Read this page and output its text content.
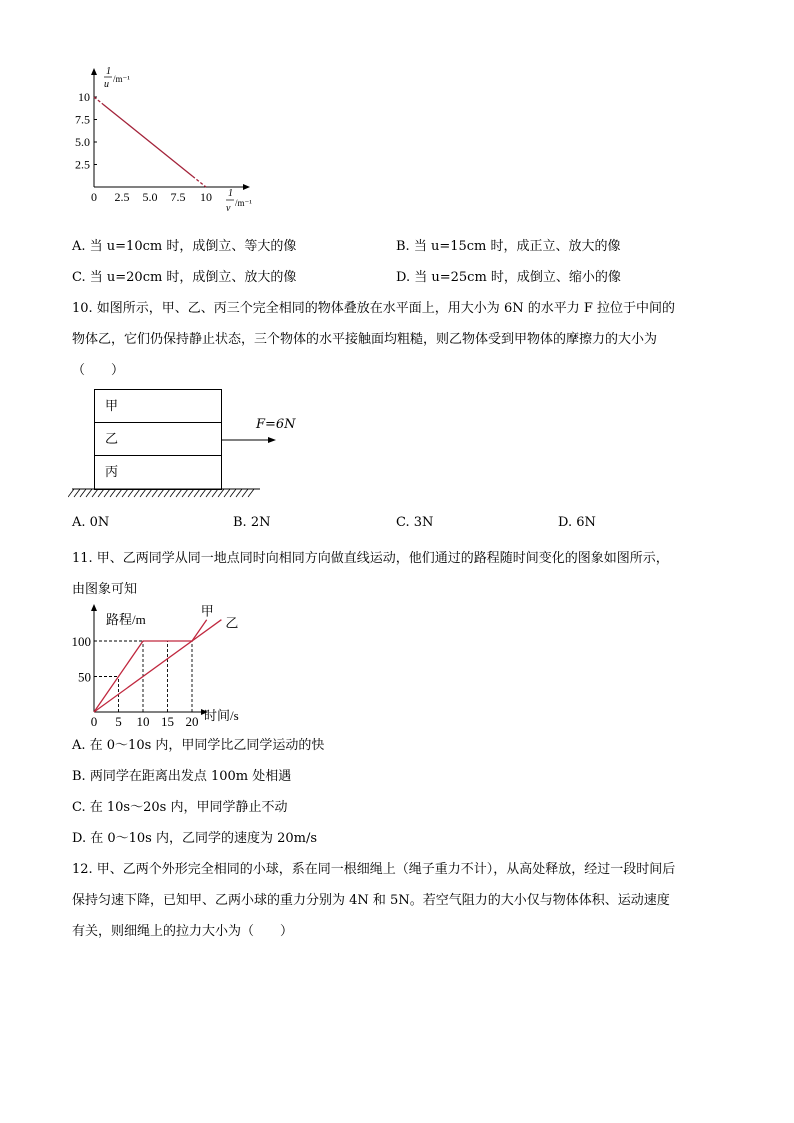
1
u /m⁻¹
1
v /m⁻¹
0 2.5 5.0 7.5 10
2.5
5.0
7.5
10
A. 当 u=10cm 时，成倒立、等大的像	B. 当 u=15cm 时，成正立、放大的像
C. 当 u=20cm 时，成倒立、放大的像	D. 当 u=25cm 时，成倒立、缩小的像
10. 如图所示，甲、乙、丙三个完全相同的物体叠放在水平面上，用大小为 6N 的水平力 F 拉位于中间的
物体乙，它们仍保持静止状态，三个物体的水平接触面均粗糙，则乙物体受到甲物体的摩擦力的大小为
（　　）
甲
乙
丙
F=6N
A. 0N	B. 2N	C. 3N	D. 6N
11. 甲、乙两同学从同一地点同时向相同方向做直线运动，他们通过的路程随时间变化的图象如图所示，
由图象可知
路程/m
时间/s
0 5 10 15 20
50
100
甲
乙
A. 在 0～10s 内，甲同学比乙同学运动的快
B. 两同学在距离出发点 100m 处相遇
C. 在 10s～20s 内，甲同学静止不动
D. 在 0～10s 内，乙同学的速度为 20m/s
12. 甲、乙两个外形完全相同的小球，系在同一根细绳上（绳子重力不计），从高处释放，经过一段时间后
保持匀速下降，已知甲、乙两小球的重力分别为 4N 和 5N。若空气阻力的大小仅与物体体积、运动速度
有关，则细绳上的拉力大小为（　　）
